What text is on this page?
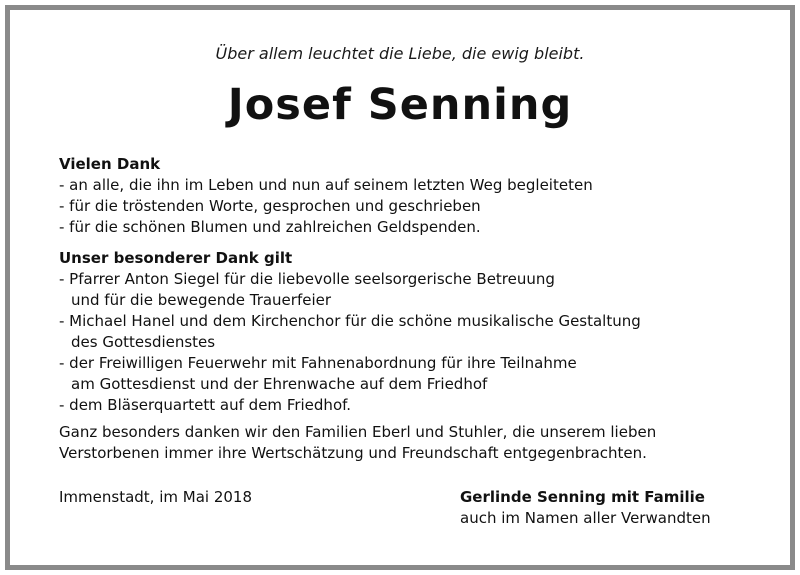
Über allem leuchtet die Liebe, die ewig bleibt.
Josef Senning
Vielen Dank
- an alle, die ihn im Leben und nun auf seinem letzten Weg begleiteten
- für die tröstenden Worte, gesprochen und geschrieben
- für die schönen Blumen und zahlreichen Geldspenden.
Unser besonderer Dank gilt
- Pfarrer Anton Siegel für die liebevolle seelsorgerische Betreuung
und für die bewegende Trauerfeier
- Michael Hanel und dem Kirchenchor für die schöne musikalische Gestaltung
des Gottesdienstes
- der Freiwilligen Feuerwehr mit Fahnenabordnung für ihre Teilnahme
am Gottesdienst und der Ehrenwache auf dem Friedhof
- dem Bläserquartett auf dem Friedhof.
Ganz besonders danken wir den Familien Eberl und Stuhler, die unserem lieben
Verstorbenen immer ihre Wertschätzung und Freundschaft entgegenbrachten.
Immenstadt, im Mai 2018	Gerlinde Senning mit Familie
auch im Namen aller Verwandten
